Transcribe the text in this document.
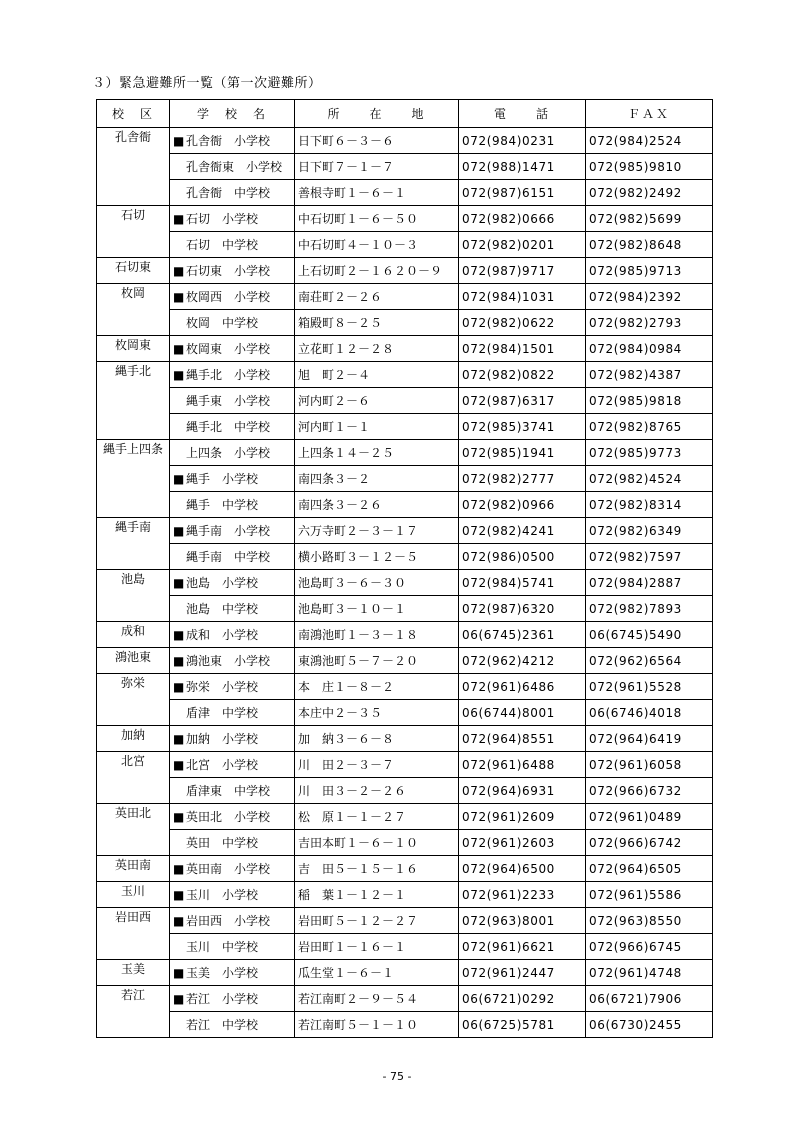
３）緊急避難所一覧（第一次避難所）
校　区	学　校　名	所　　在　　地	電　　話	ＦＡＸ
孔舎衙	■ 孔舎衙　小学校	日下町６－３－６	072(984)0231	072(984)2524
	孔舎衙東　小学校	日下町７－１－７	072(988)1471	072(985)9810
	孔舎衙　中学校	善根寺町１－６－１	072(987)6151	072(982)2492
石切	■ 石切　小学校	中石切町１－６－５０	072(982)0666	072(982)5699
	石切　中学校	中石切町４－１０－３	072(982)0201	072(982)8648
石切東	■ 石切東　小学校	上石切町２－１６２０－９	072(987)9717	072(985)9713
枚岡	■ 枚岡西　小学校	南荘町２－２６	072(984)1031	072(984)2392
	枚岡　中学校	箱殿町８－２５	072(982)0622	072(982)2793
枚岡東	■ 枚岡東　小学校	立花町１２－２８	072(984)1501	072(984)0984
縄手北	■ 縄手北　小学校	旭　町２－４	072(982)0822	072(982)4387
	縄手東　小学校	河内町２－６	072(987)6317	072(985)9818
	縄手北　中学校	河内町１－１	072(985)3741	072(982)8765
縄手上四条	上四条　小学校	上四条１４－２５	072(985)1941	072(985)9773
	■ 縄手　小学校	南四条３－２	072(982)2777	072(982)4524
	縄手　中学校	南四条３－２６	072(982)0966	072(982)8314
縄手南	■ 縄手南　小学校	六万寺町２－３－１７	072(982)4241	072(982)6349
	縄手南　中学校	横小路町３－１２－５	072(986)0500	072(982)7597
池島	■ 池島　小学校	池島町３－６－３０	072(984)5741	072(984)2887
	池島　中学校	池島町３－１０－１	072(987)6320	072(982)7893
成和	■ 成和　小学校	南鴻池町１－３－１８	06(6745)2361	06(6745)5490
鴻池東	■ 鴻池東　小学校	東鴻池町５－７－２０	072(962)4212	072(962)6564
弥栄	■ 弥栄　小学校	本　庄１－８－２	072(961)6486	072(961)5528
	盾津　中学校	本庄中２－３５	06(6744)8001	06(6746)4018
加納	■ 加納　小学校	加　納３－６－８	072(964)8551	072(964)6419
北宮	■ 北宮　小学校	川　田２－３－７	072(961)6488	072(961)6058
	盾津東　中学校	川　田３－２－２６	072(964)6931	072(966)6732
英田北	■ 英田北　小学校	松　原１－１－２７	072(961)2609	072(961)0489
	英田　中学校	吉田本町１－６－１０	072(961)2603	072(966)6742
英田南	■ 英田南　小学校	吉　田５－１５－１６	072(964)6500	072(964)6505
玉川	■ 玉川　小学校	稲　葉１－１２－１	072(961)2233	072(961)5586
岩田西	■ 岩田西　小学校	岩田町５－１２－２７	072(963)8001	072(963)8550
	玉川　中学校	岩田町１－１６－１	072(961)6621	072(966)6745
玉美	■ 玉美　小学校	瓜生堂１－６－１	072(961)2447	072(961)4748
若江	■ 若江　小学校	若江南町２－９－５４	06(6721)0292	06(6721)7906
	若江　中学校	若江南町５－１－１０	06(6725)5781	06(6730)2455
- 75 -
